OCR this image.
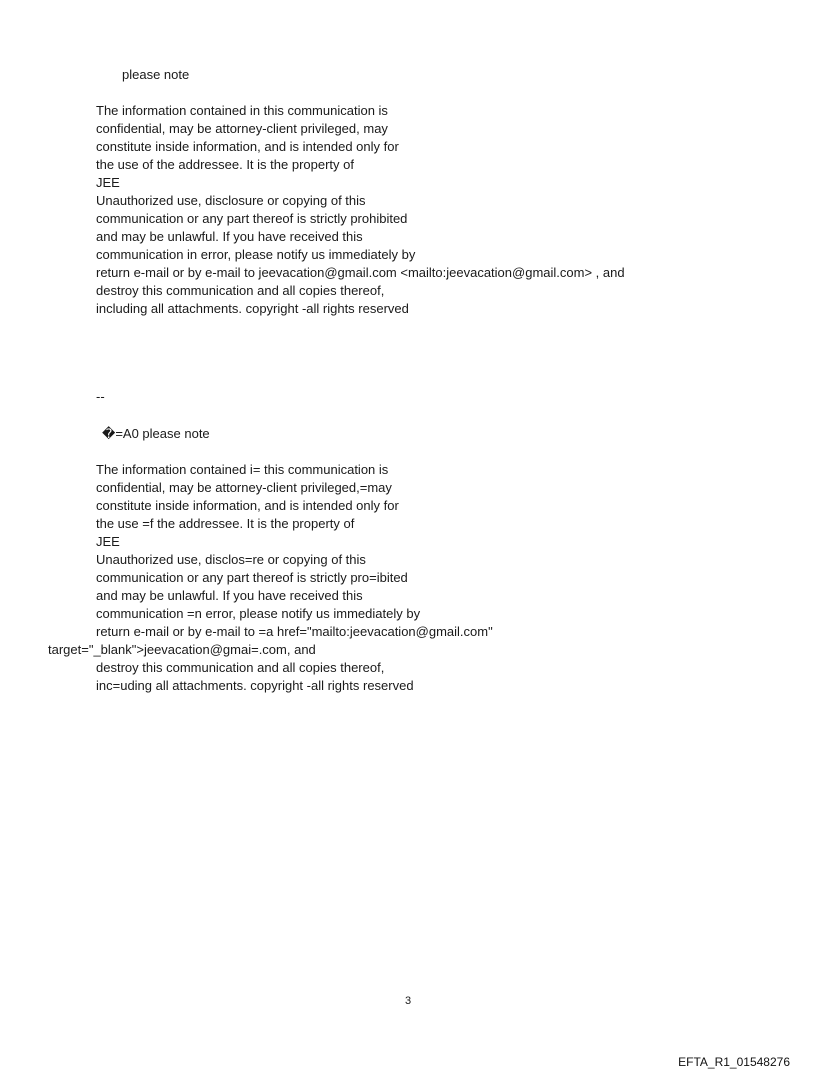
please note
The information contained in this communication is
confidential, may be attorney-client privileged, may
constitute inside information, and is intended only for
the use of the addressee. It is the property of
JEE
Unauthorized use, disclosure or copying of this
communication or any part thereof is strictly prohibited
and may be unlawful. If you have received this
communication in error, please notify us immediately by
return e-mail or by e-mail to jeevacation@gmail.com <mailto:jeevacation@gmail.com> , and
destroy this communication and all copies thereof,
including all attachments. copyright -all rights reserved
--
�=A0 please note
The information contained i= this communication is
confidential, may be attorney-client privileged,=may
constitute inside information, and is intended only for
the use =f the addressee. It is the property of
JEE
Unauthorized use, disclos=re or copying of this
communication or any part thereof is strictly pro=ibited
and may be unlawful. If you have received this
communication =n error, please notify us immediately by
return e-mail or by e-mail to =a href="mailto:jeevacation@gmail.com"
target="_blank">jeevacation@gmai=.com, and
destroy this communication and all copies thereof,
inc=uding all attachments. copyright -all rights reserved
3
EFTA_R1_01548276
